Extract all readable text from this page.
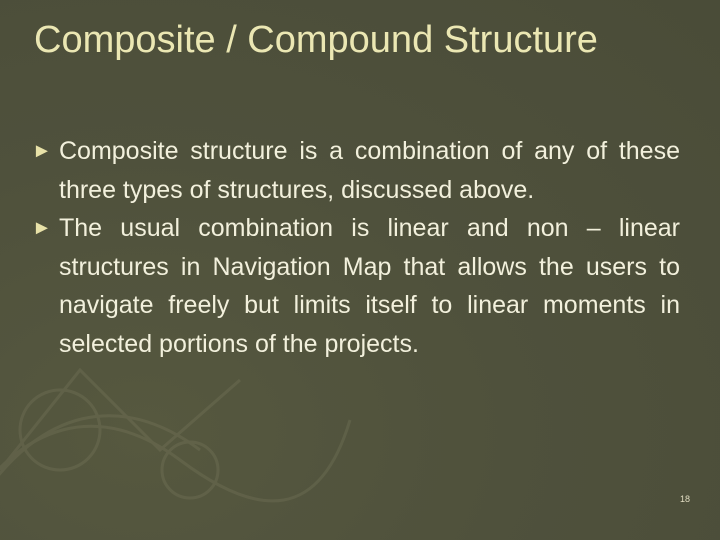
Composite / Compound Structure
► Composite structure is a combination of any of these three types of structures, discussed above.
► The usual combination is linear and non – linear structures in Navigation Map that allows the users to navigate freely but limits itself to linear moments in selected portions of the projects.
18
